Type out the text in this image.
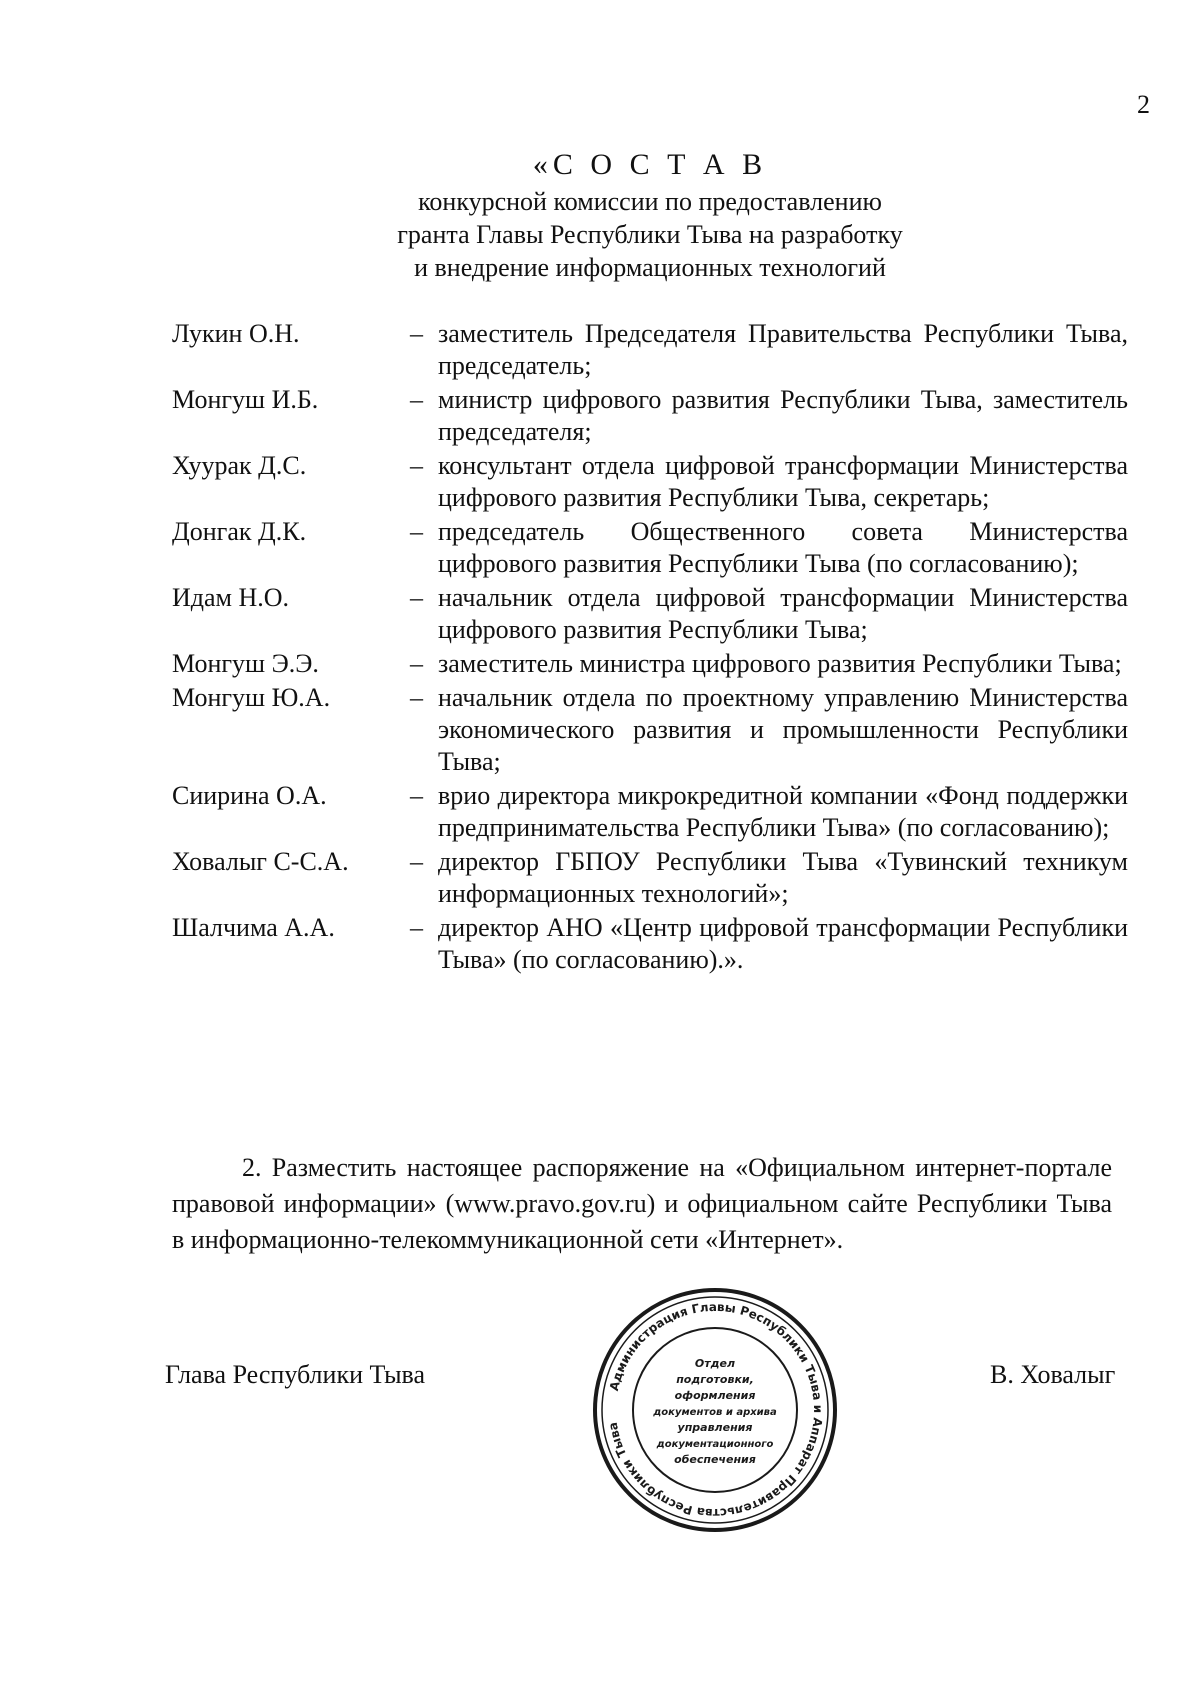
2
«С О С Т А В
конкурсной комиссии по предоставлению
гранта Главы Республики Тыва на разработку
и внедрение информационных технологий
Лукин О.Н.	– заместитель Председателя Правительства Республики Тыва, председатель;
Монгуш И.Б.	– министр цифрового развития Республики Тыва, заместитель председателя;
Хуурак Д.С.	– консультант отдела цифровой трансформации Министерства цифрового развития Республики Тыва, секретарь;
Донгак Д.К.	– председатель Общественного совета Министерства цифрового развития Республики Тыва (по согласованию);
Идам Н.О.	– начальник отдела цифровой трансформации Министерства цифрового развития Республики Тыва;
Монгуш Э.Э.	– заместитель министра цифрового развития Республики Тыва;
Монгуш Ю.А.	– начальник отдела по проектному управлению Министерства экономического развития и промышленности Республики Тыва;
Сиирина О.А.	– врио директора микрокредитной компании «Фонд поддержки предпринимательства Республики Тыва» (по согласованию);
Ховалыг С-С.А.	– директор ГБПОУ Республики Тыва «Тувинский техникум информационных технологий»;
Шалчима А.А.	– директор АНО «Центр цифровой трансформации Республики Тыва» (по согласованию).».
2. Разместить настоящее распоряжение на «Официальном интернет-портале правовой информации» (www.pravo.gov.ru) и официальном сайте Республики Тыва в информационно-телекоммуникационной сети «Интернет».
Глава Республики Тыва	В. Ховалыг
Администрация Главы Республики Тыва и Аппарат Правительства Республики Тыва
Отдел
подготовки,
оформления
документов и архива
управления
документационного
обеспечения
